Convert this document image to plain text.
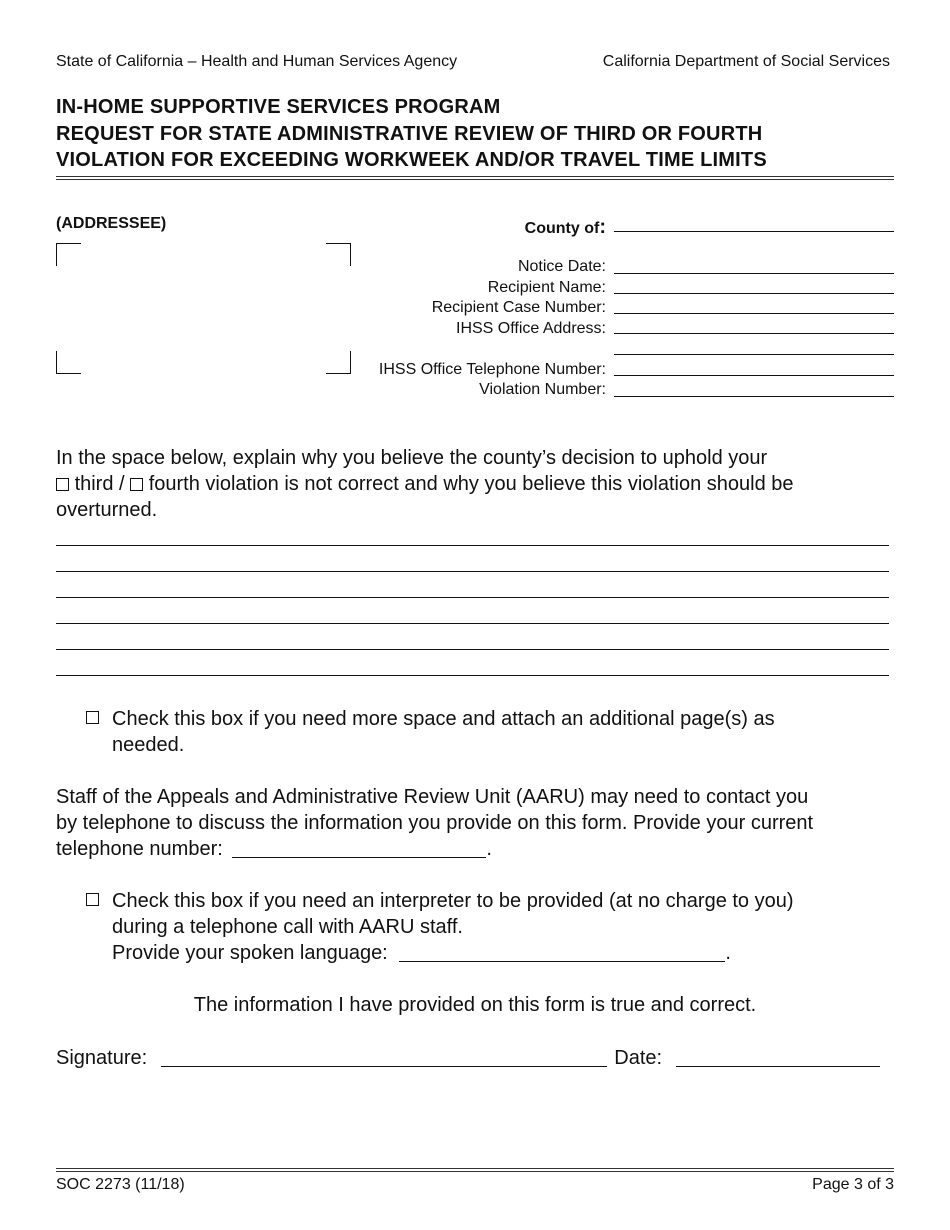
State of California – Health and Human Services Agency	California Department of Social Services
IN-HOME SUPPORTIVE SERVICES PROGRAM
REQUEST FOR STATE ADMINISTRATIVE REVIEW OF THIRD OR FOURTH
VIOLATION FOR EXCEEDING WORKWEEK AND/OR TRAVEL TIME LIMITS
(ADDRESSEE)	County of:
Notice Date:
Recipient Name:
Recipient Case Number:
IHSS Office Address:
IHSS Office Telephone Number:
Violation Number:
In the space below, explain why you believe the county’s decision to uphold your
third / fourth violation is not correct and why you believe this violation should be
overturned.
Check this box if you need more space and attach an additional page(s) as
needed.
Staff of the Appeals and Administrative Review Unit (AARU) may need to contact you
by telephone to discuss the information you provide on this form. Provide your current
telephone number:	.
Check this box if you need an interpreter to be provided (at no charge to you)
during a telephone call with AARU staff.
Provide your spoken language:	.
The information I have provided on this form is true and correct.
Signature:	Date:
SOC 2273 (11/18)	Page 3 of 3
